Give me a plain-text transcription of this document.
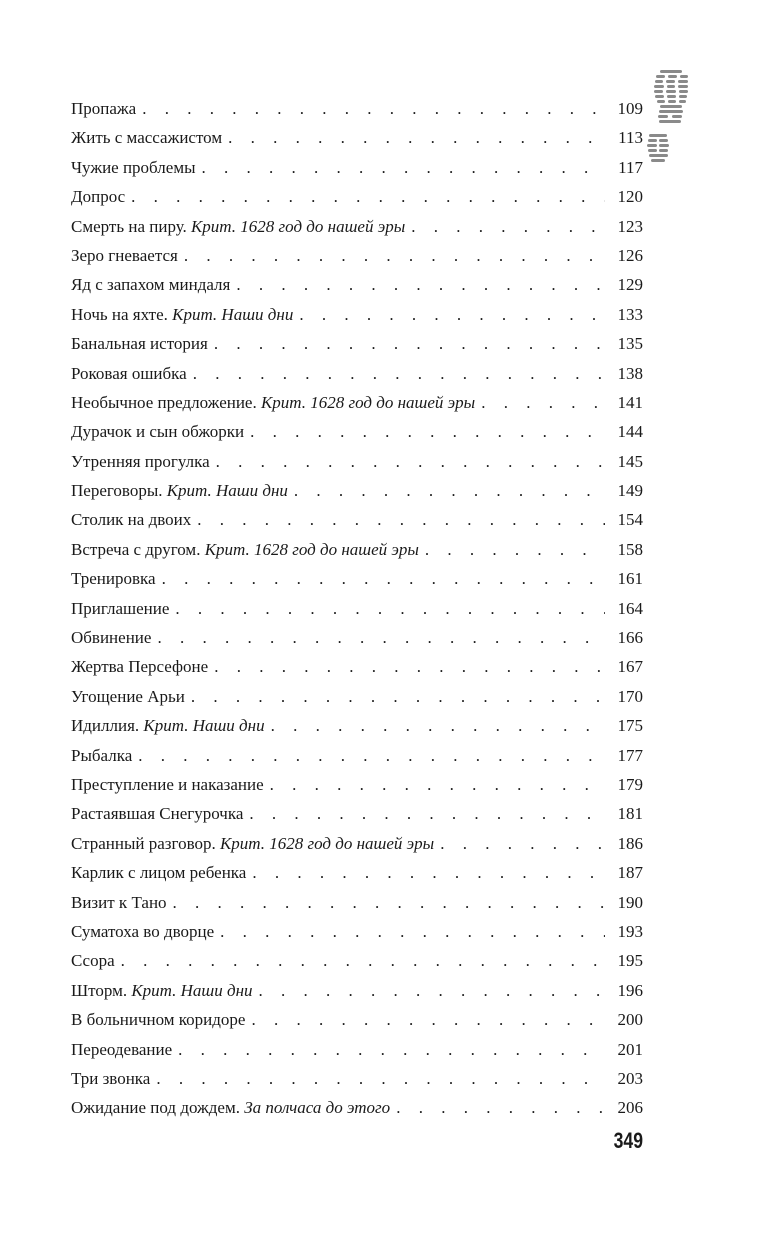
Пропажа . . .	109
Жить с массажистом . . .	113
Чужие проблемы . . .	117
Допрос . . .	120
Смерть на пиру. Крит. 1628 год до нашей эры . . .	123
Зеро гневается . . .	126
Яд с запахом миндаля . . .	129
Ночь на яхте. Крит. Наши дни . . .	133
Банальная история . . .	135
Роковая ошибка . . .	138
Необычное предложение. Крит. 1628 год до нашей эры . . .	141
Дурачок и сын обжорки . . .	144
Утренняя прогулка . . .	145
Переговоры. Крит. Наши дни . . .	149
Столик на двоих . . .	154
Встреча с другом. Крит. 1628 год до нашей эры . . .	158
Тренировка . . .	161
Приглашение . . .	164
Обвинение . . .	166
Жертва Персефоне . . .	167
Угощение Арьи . . .	170
Идиллия. Крит. Наши дни . . .	175
Рыбалка . . .	177
Преступление и наказание . . .	179
Растаявшая Снегурочка . . .	181
Странный разговор. Крит. 1628 год до нашей эры . . .	186
Карлик с лицом ребенка . . .	187
Визит к Тано . . .	190
Суматоха во дворце . . .	193
Ссора . . .	195
Шторм. Крит. Наши дни . . .	196
В больничном коридоре . . .	200
Переодевание . . .	201
Три звонка . . .	203
Ожидание под дождем. За полчаса до этого . . .	206
349
